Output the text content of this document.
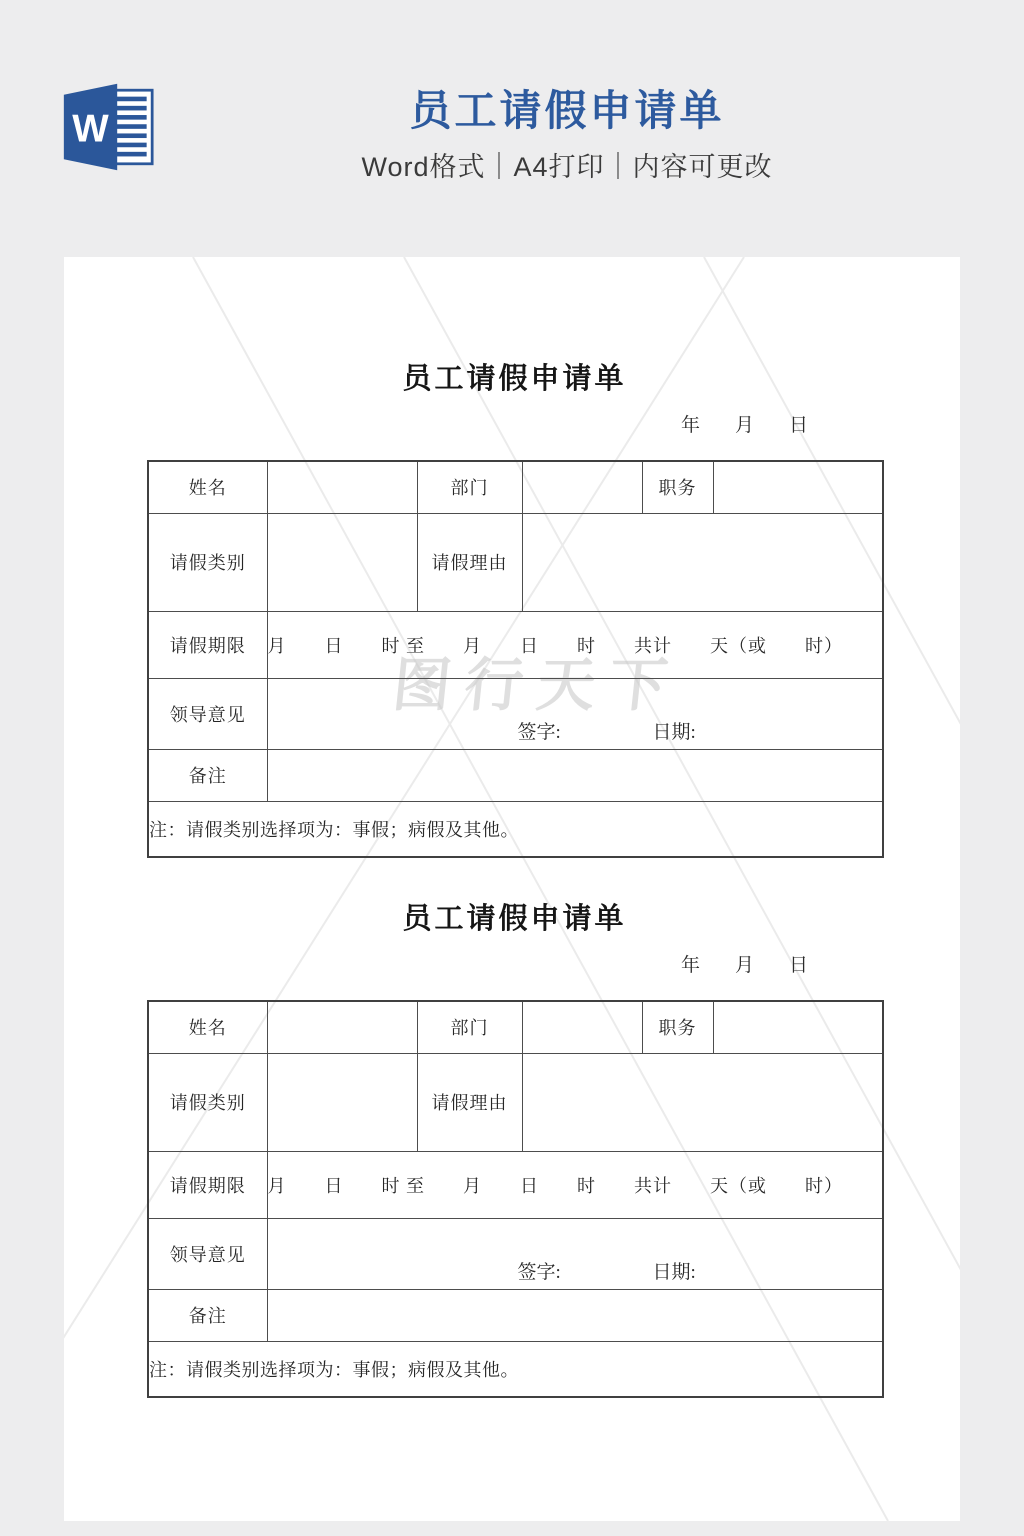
W	员工请假申请单
Word格式｜A4打印｜内容可更改
图行天下
员工请假申请单
年　月　日
姓名		部门		职务	
请假类别		请假理由			
请假期限	月　　日　　时 至　　月　　日　　时　　共计　　天（或　　时）				
领导意见	签字: 日期:				

备注					
注：请假类别选择项为：事假；病假及其他。					
员工请假申请单
年　月　日
姓名		部门		职务	
请假类别		请假理由			
请假期限	月　　日　　时 至　　月　　日　　时　　共计　　天（或　　时）				
领导意见	签字: 日期:				

备注					
注：请假类别选择项为：事假；病假及其他。					
